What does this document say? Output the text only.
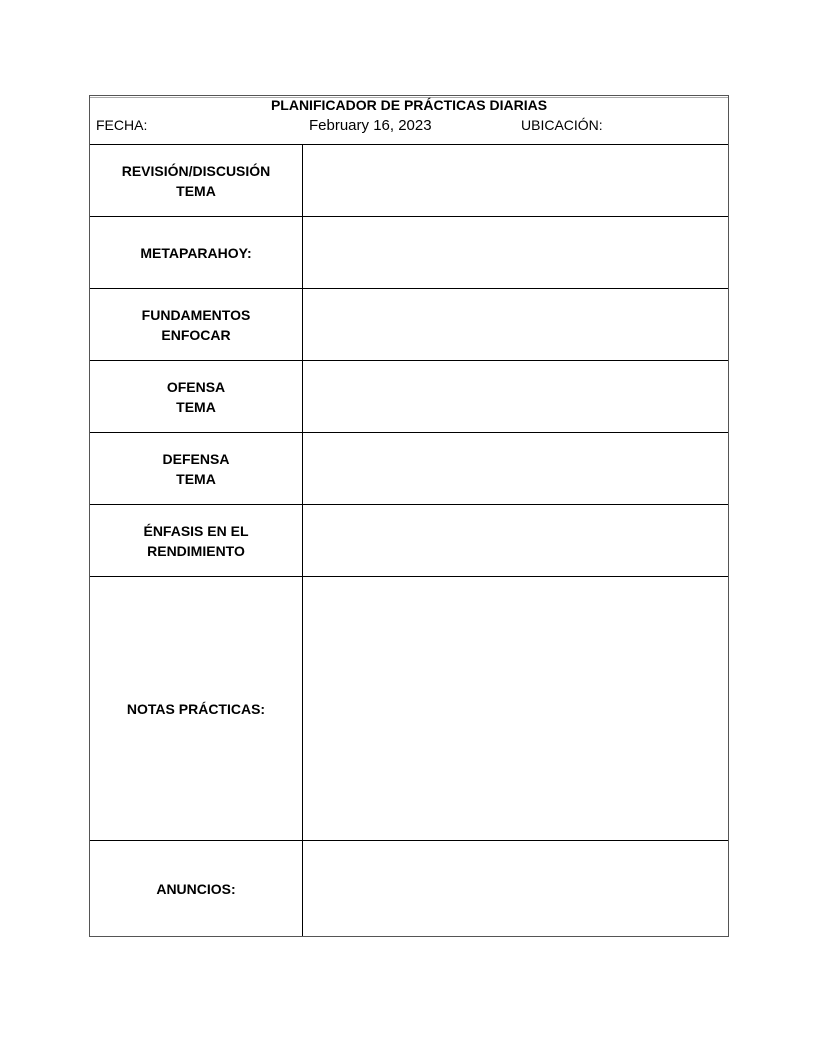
PLANIFICADOR DE PRÁCTICAS DIARIAS
FECHA:	February 16, 2023	UBICACIÓN:
REVISIÓN/DISCUSIÓN
TEMA
METAPARAHOY:
FUNDAMENTOS
ENFOCAR
OFENSA
TEMA
DEFENSA
TEMA
ÉNFASIS EN EL
RENDIMIENTO
NOTAS PRÁCTICAS:
ANUNCIOS:
